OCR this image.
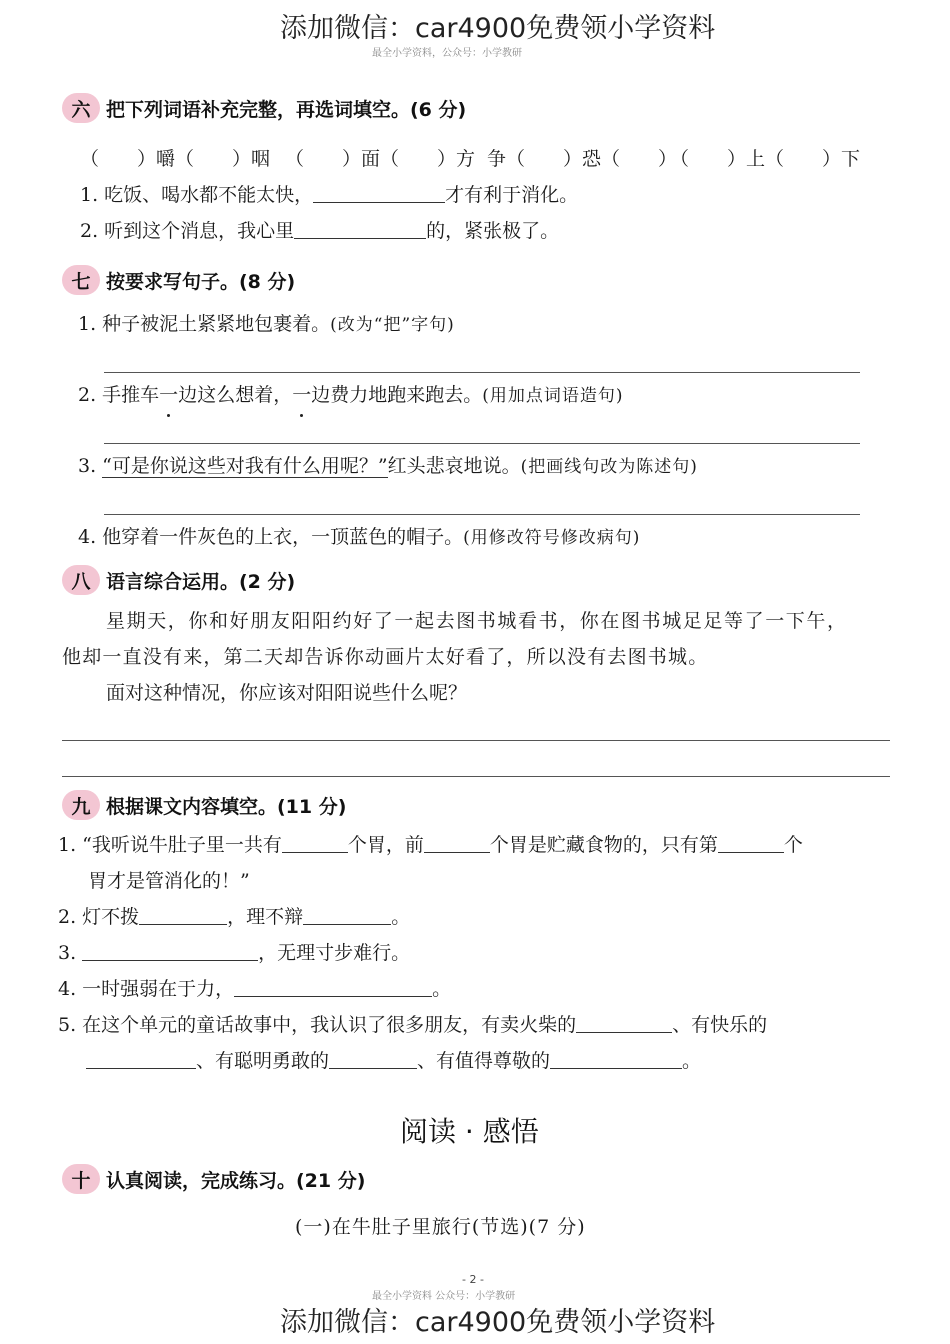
添加微信：car4900免费领小学资料
最全小学资料，公众号：小学教研
六 把下列词语补充完整，再选词填空。(6 分)
（　　）嚼（　　）咽 （　　）面（　　）方 争（　　）恐（　　）
（　　）上（　　）下
1. 吃饭、喝水都不能太快，	才有利于消化。
2. 听到这个消息，我心里	的，紧张极了。
七 按要求写句子。(8 分)
1. 种子被泥土紧紧地包裹着。(改为“把”字句)
2. 手推车一边这么想着，一边费力地跑来跑去。(用加点词语造句)
3. “可是你说这些对我有什么用呢？”红头悲哀地说。(把画线句改为陈述句)
4. 他穿着一件灰色的上衣，一顶蓝色的帽子。(用修改符号修改病句)
八 语言综合运用。(2 分)
星期天，你和好朋友阳阳约好了一起去图书城看书，你在图书城足足等了一下午，
他却一直没有来，第二天却告诉你动画片太好看了，所以没有去图书城。
面对这种情况，你应该对阳阳说些什么呢？
九 根据课文内容填空。(11 分)
1. “我听说牛肚子里一共有	个胃，前	个胃是贮藏食物的，只有第	个
胃才是管消化的！”
2. 灯不拨	，理不辩	。
3.	，无理寸步难行。
4. 一时强弱在于力，	。
5. 在这个单元的童话故事中，我认识了很多朋友，有卖火柴的	、有快乐的
、有聪明勇敢的	、有值得尊敬的	。
阅读 · 感悟
十 认真阅读，完成练习。(21 分)
(一)在牛肚子里旅行(节选)(7 分)
- 2 -
最全小学资料 公众号：小学教研
添加微信：car4900免费领小学资料
